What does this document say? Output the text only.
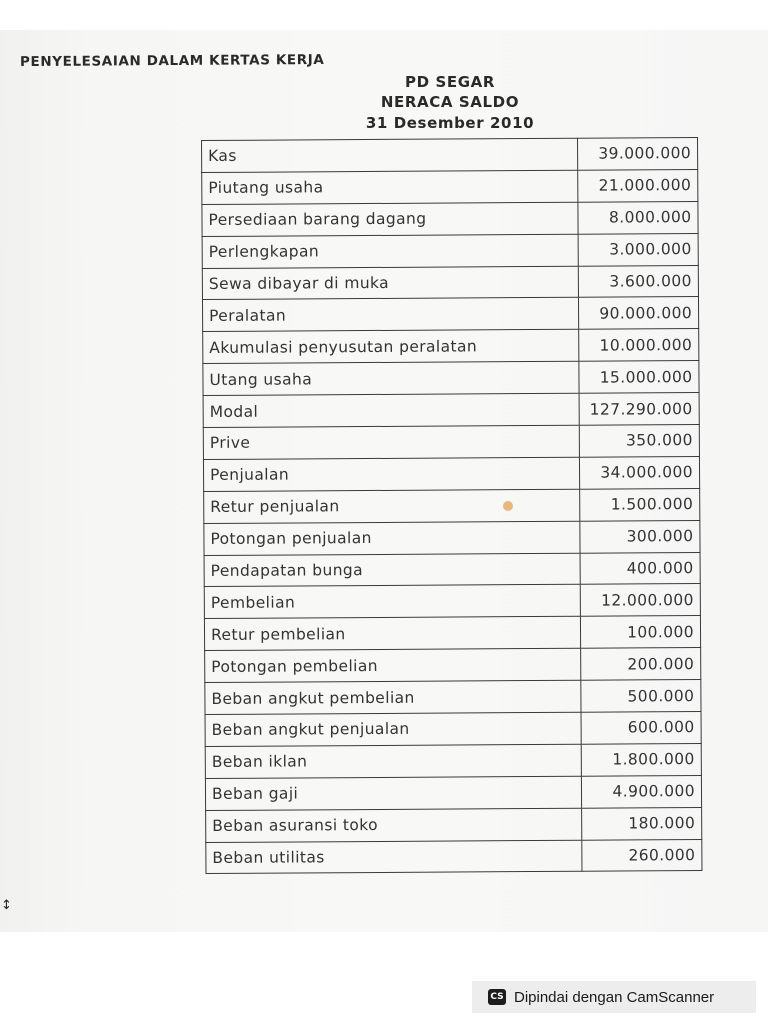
PENYELESAIAN DALAM KERTAS KERJA
PD SEGAR
NERACA SALDO
31 Desember 2010
Kas	39.000.000
Piutang usaha	21.000.000
Persediaan barang dagang	8.000.000
Perlengkapan	3.000.000
Sewa dibayar di muka	3.600.000
Peralatan	90.000.000
Akumulasi penyusutan peralatan	10.000.000
Utang usaha	15.000.000
Modal	127.290.000
Prive	350.000
Penjualan	34.000.000
Retur penjualan	1.500.000
Potongan penjualan	300.000
Pendapatan bunga	400.000
Pembelian	12.000.000
Retur pembelian	100.000
Potongan pembelian	200.000
Beban angkut pembelian	500.000
Beban angkut penjualan	600.000
Beban iklan	1.800.000
Beban gaji	4.900.000
Beban asuransi toko	180.000
Beban utilitas	260.000
↕
CS Dipindai dengan CamScanner
